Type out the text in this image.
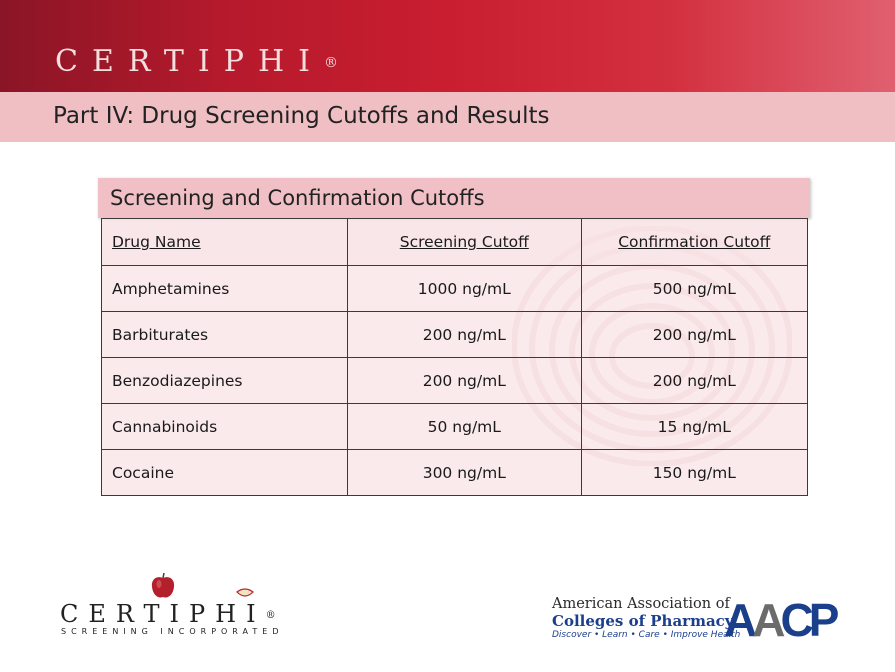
CERTIPHI®
Part IV: Drug Screening Cutoffs and Results
Screening and Confirmation Cutoffs
Drug Name	Screening Cutoff	Confirmation Cutoff
Amphetamines	1000 ng/mL	500 ng/mL
Barbiturates	200 ng/mL	200 ng/mL
Benzodiazepines	200 ng/mL	200 ng/mL
Cannabinoids	50 ng/mL	15 ng/mL
Cocaine	300 ng/mL	150 ng/mL
CERTIPHI®
SCREENING INCORPORATED
American Association of
Colleges of Pharmacy
Discover • Learn • Care • Improve Health
AACP
